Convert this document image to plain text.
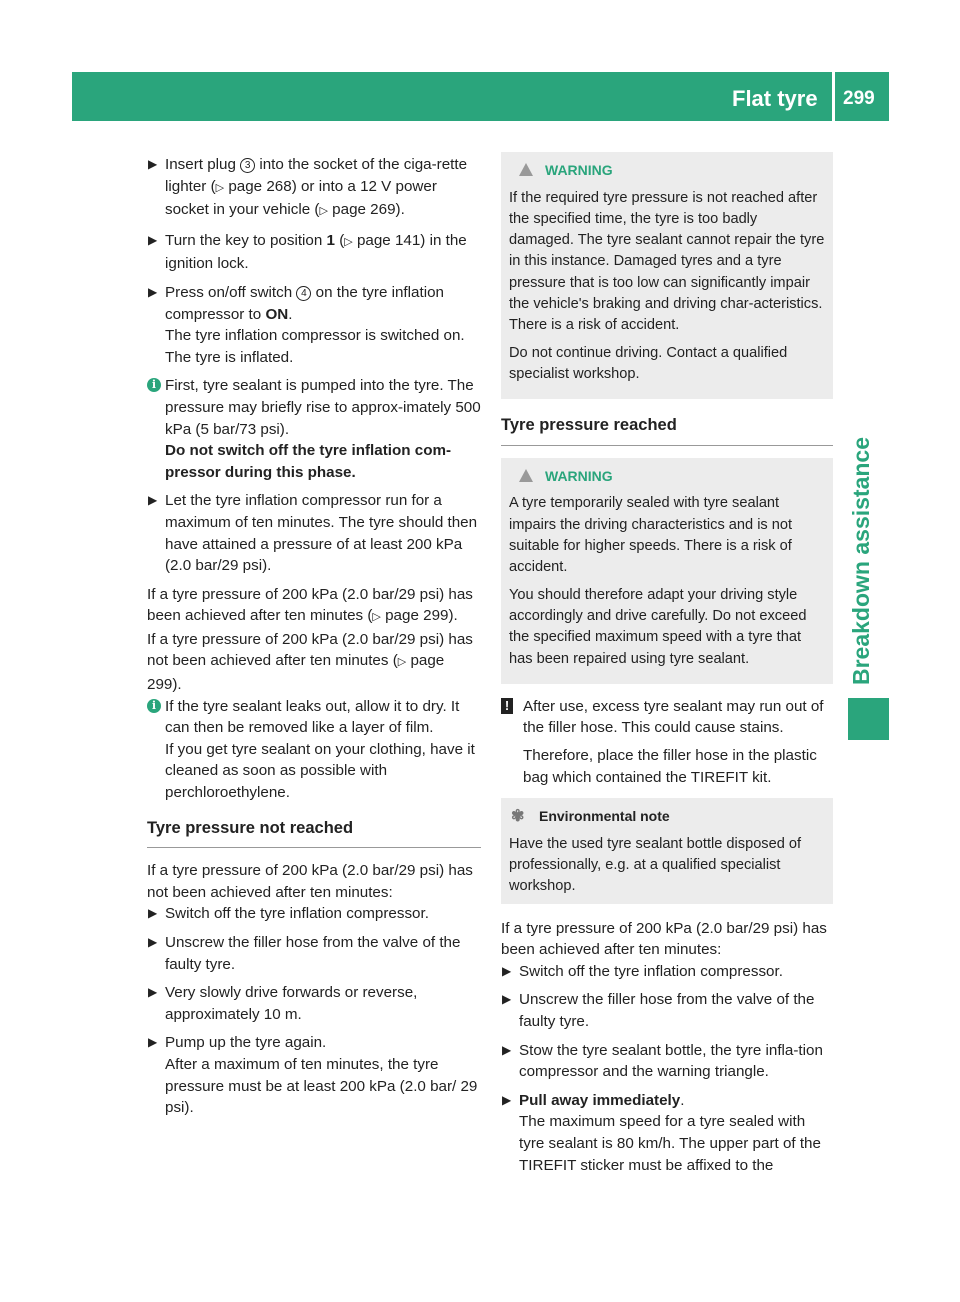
Flat tyre 299
Breakdown assistance
▶ Insert plug 3 into the socket of the ciga-rette lighter (▷ page 268) or into a 12 V power socket in your vehicle (▷ page 269).
▶ Turn the key to position 1 (▷ page 141) in the ignition lock.
▶ Press on/off switch 4 on the tyre inflation compressor to ON.

The tyre inflation compressor is switched on. The tyre is inflated.

i First, tyre sealant is pumped into the tyre. The pressure may briefly rise to approx-imately 500 kPa (5 bar/73 psi).

Do not switch off the tyre inflation com-pressor during this phase.

▶ Let the tyre inflation compressor run for a maximum of ten minutes. The tyre should then have attained a pressure of at least 200 kPa (2.0 bar/29 psi).

If a tyre pressure of 200 kPa (2.0 bar/29 psi) has been achieved after ten minutes (▷ page 299).

If a tyre pressure of 200 kPa (2.0 bar/29 psi) has not been achieved after ten minutes (▷ page 299).

i If the tyre sealant leaks out, allow it to dry. It can then be removed like a layer of film.

If you get tyre sealant on your clothing, have it cleaned as soon as possible with perchloroethylene.

Tyre pressure not reached

If a tyre pressure of 200 kPa (2.0 bar/29 psi) has not been achieved after ten minutes:

▶ Switch off the tyre inflation compressor.
▶ Unscrew the filler hose from the valve of the faulty tyre.
▶ Very slowly drive forwards or reverse, approximately 10 m.
▶ Pump up the tyre again.

After a maximum of ten minutes, the tyre pressure must be at least 200 kPa (2.0 bar/ 29 psi).

WARNING

If the required tyre pressure is not reached after the specified time, the tyre is too badly damaged. The tyre sealant cannot repair the tyre in this instance. Damaged tyres and a tyre pressure that is too low can significantly impair the vehicle's braking and driving char-acteristics. There is a risk of accident.

Do not continue driving. Contact a qualified specialist workshop.

Tyre pressure reached
WARNING

A tyre temporarily sealed with tyre sealant impairs the driving characteristics and is not suitable for higher speeds. There is a risk of accident.

You should therefore adapt your driving style accordingly and drive carefully. Do not exceed the specified maximum speed with a tyre that has been repaired using tyre sealant.

! After use, excess tyre sealant may run out of the filler hose. This could cause stains.

Therefore, place the filler hose in the plastic bag which contained the TIREFIT kit.

✾ Environmental note

Have the used tyre sealant bottle disposed of professionally, e.g. at a qualified specialist workshop.

If a tyre pressure of 200 kPa (2.0 bar/29 psi) has been achieved after ten minutes:

▶ Switch off the tyre inflation compressor.
▶ Unscrew the filler hose from the valve of the faulty tyre.
▶ Stow the tyre sealant bottle, the tyre infla-tion compressor and the warning triangle.
▶ Pull away immediately.

The maximum speed for a tyre sealed with tyre sealant is 80 km/h. The upper part of the TIREFIT sticker must be affixed to the
